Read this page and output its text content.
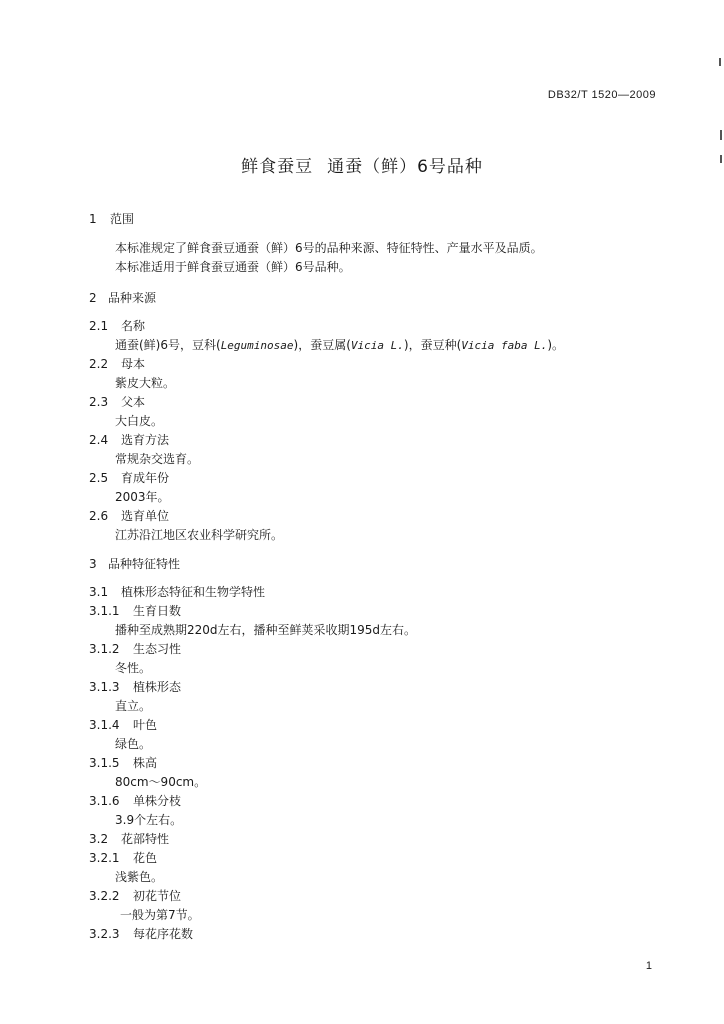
DB32/T 1520—2009
鲜食蚕豆 通蚕（鲜）6号品种
1 范围
本标准规定了鲜食蚕豆通蚕（鲜）6号的品种来源、特征特性、产量水平及品质。
本标准适用于鲜食蚕豆通蚕（鲜）6号品种。
2 品种来源
2.1 名称
通蚕(鲜)6号，豆科(Leguminosae)，蚕豆属(Vicia L.)，蚕豆种(Vicia faba L.)。
2.2 母本
紫皮大粒。
2.3 父本
大白皮。
2.4 选育方法
常规杂交选育。
2.5 育成年份
2003年。
2.6 选育单位
江苏沿江地区农业科学研究所。
3 品种特征特性
3.1 植株形态特征和生物学特性
3.1.1 生育日数
播种至成熟期220d左右，播种至鲜荚采收期195d左右。
3.1.2 生态习性
冬性。
3.1.3 植株形态
直立。
3.1.4 叶色
绿色。
3.1.5 株高
80cm～90cm。
3.1.6 单株分枝
3.9个左右。
3.2 花部特性
3.2.1 花色
浅紫色。
3.2.2 初花节位
一般为第7节。
3.2.3 每花序花数
1
